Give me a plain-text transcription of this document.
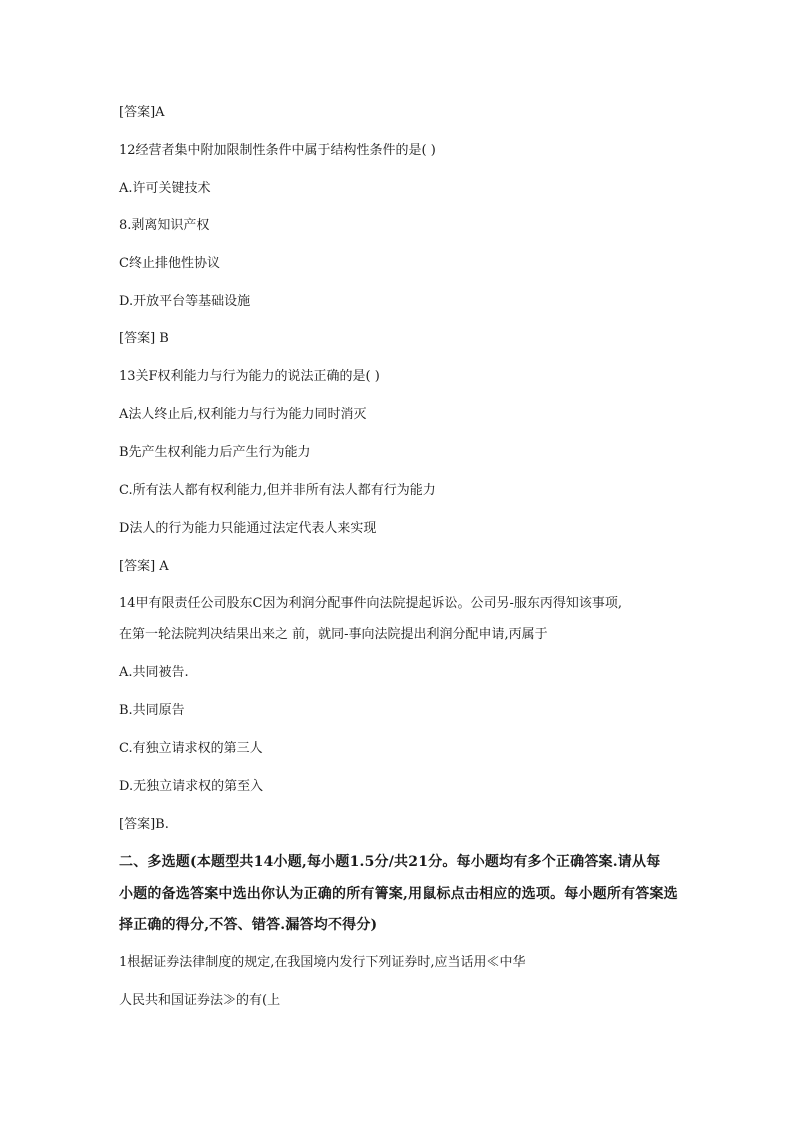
[答案]A
12经营者集中附加限制性条件中属于结构性条件的是( )
A.许可关键技术
8.剥离知识产权
C终止排他性协议
D.开放平台等基础设施
[答案] B
13关F权利能力与行为能力的说法正确的是( )
A法人终止后,权利能力与行为能力同时消灭
B先产生权利能力后产生行为能力
C.所有法人都有权利能力,但并非所有法人都有行为能力
D法人的行为能力只能通过法定代表人来实现
[答案] A
14甲有限责任公司股东C因为利润分配事件向法院提起诉讼。公司另-服东丙得知该事项,
在第一轮法院判决结果出来之 前，就同-事向法院提出利润分配申请,丙属于
A.共同被告.
B.共同原告
C.有独立请求权的第三人
D.无独立请求权的第至入
[答案]B.
二、多选题(本题型共14小题,每小题1.5分/共21分。每小题均有多个正确答案.请从每
小题的备选答案中选出你认为正确的所有箐案,用鼠标点击相应的选项。每小题所有答案选
择正确的得分,不答、错答.漏答均不得分)
1根据证券法律制度的规定,在我国境内发行下列证券时,应当话用≪中华
人民共和国证券法≫的有(上
